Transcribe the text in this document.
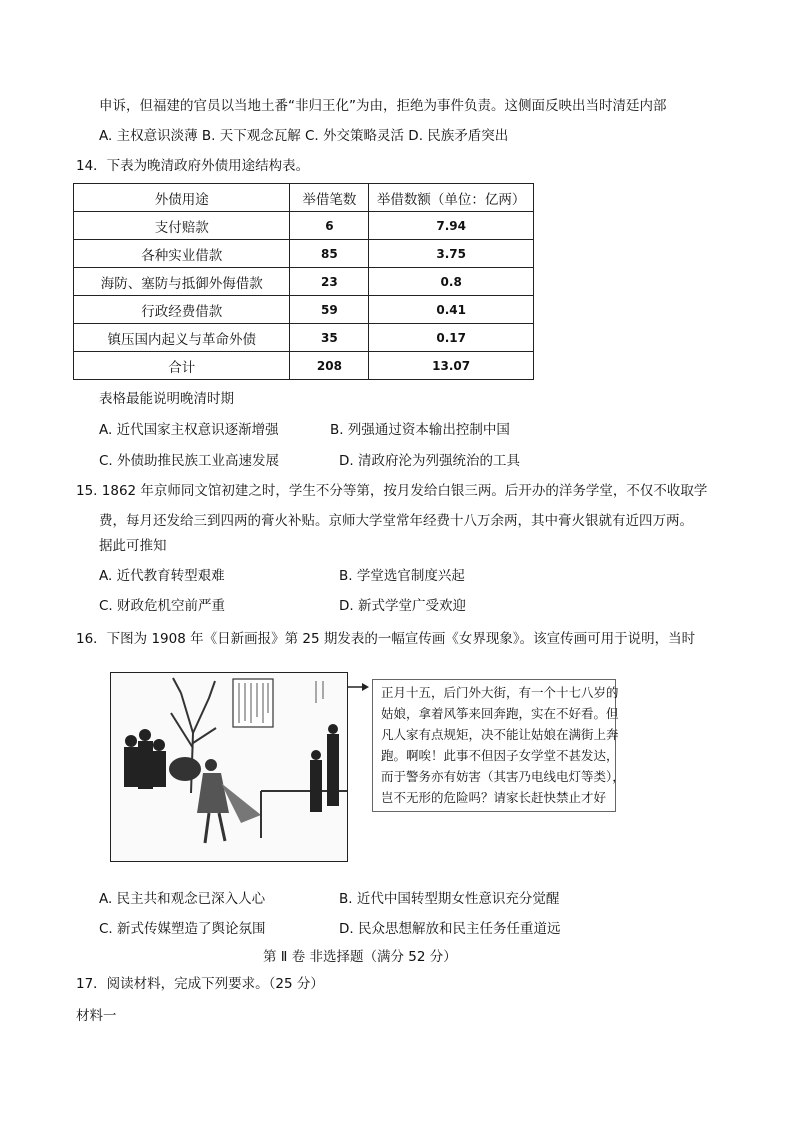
申诉，但福建的官员以当地土番“非归王化”为由，拒绝为事件负责。这侧面反映出当时清廷内部
A. 主权意识淡薄 B. 天下观念瓦解 C. 外交策略灵活 D. 民族矛盾突出
14．下表为晚清政府外债用途结构表。
外债用途	举借笔数	举借数额（单位：亿两）
支付赔款	6	7.94
各种实业借款	85	3.75
海防、塞防与抵御外侮借款	23	0.8
行政经费借款	59	0.41
镇压国内起义与革命外债	35	0.17
合计	208	13.07
表格最能说明晚清时期
A. 近代国家主权意识逐渐增强	B. 列强通过资本输出控制中国
C. 外债助推民族工业高速发展	D. 清政府沦为列强统治的工具
15. 1862 年京师同文馆初建之时，学生不分等第，按月发给白银三两。后开办的洋务学堂，不仅不收取学
费，每月还发给三到四两的膏火补贴。京师大学堂常年经费十八万余两，其中膏火银就有近四万两。
据此可推知
A. 近代教育转型艰难	B. 学堂选官制度兴起
C. 财政危机空前严重	D. 新式学堂广受欢迎
16．下图为 1908 年《日新画报》第 25 期发表的一幅宣传画《女界现象》。该宣传画可用于说明，当时
正月十五，后门外大街，有一个十七八岁的
姑娘，拿着风筝来回奔跑，实在不好看。但
凡人家有点规矩，决不能让姑娘在满街上奔
跑。啊唉！此事不但因子女学堂不甚发达，
而于警务亦有妨害（其害乃电线电灯等类），
岂不无形的危险吗？请家长赶快禁止才好
A. 民主共和观念已深入人心	B. 近代中国转型期女性意识充分觉醒
C. 新式传媒塑造了舆论氛围	D. 民众思想解放和民主任务任重道远
第 Ⅱ 卷 非选择题（满分 52 分）
17．阅读材料，完成下列要求。（25 分）
材料一
